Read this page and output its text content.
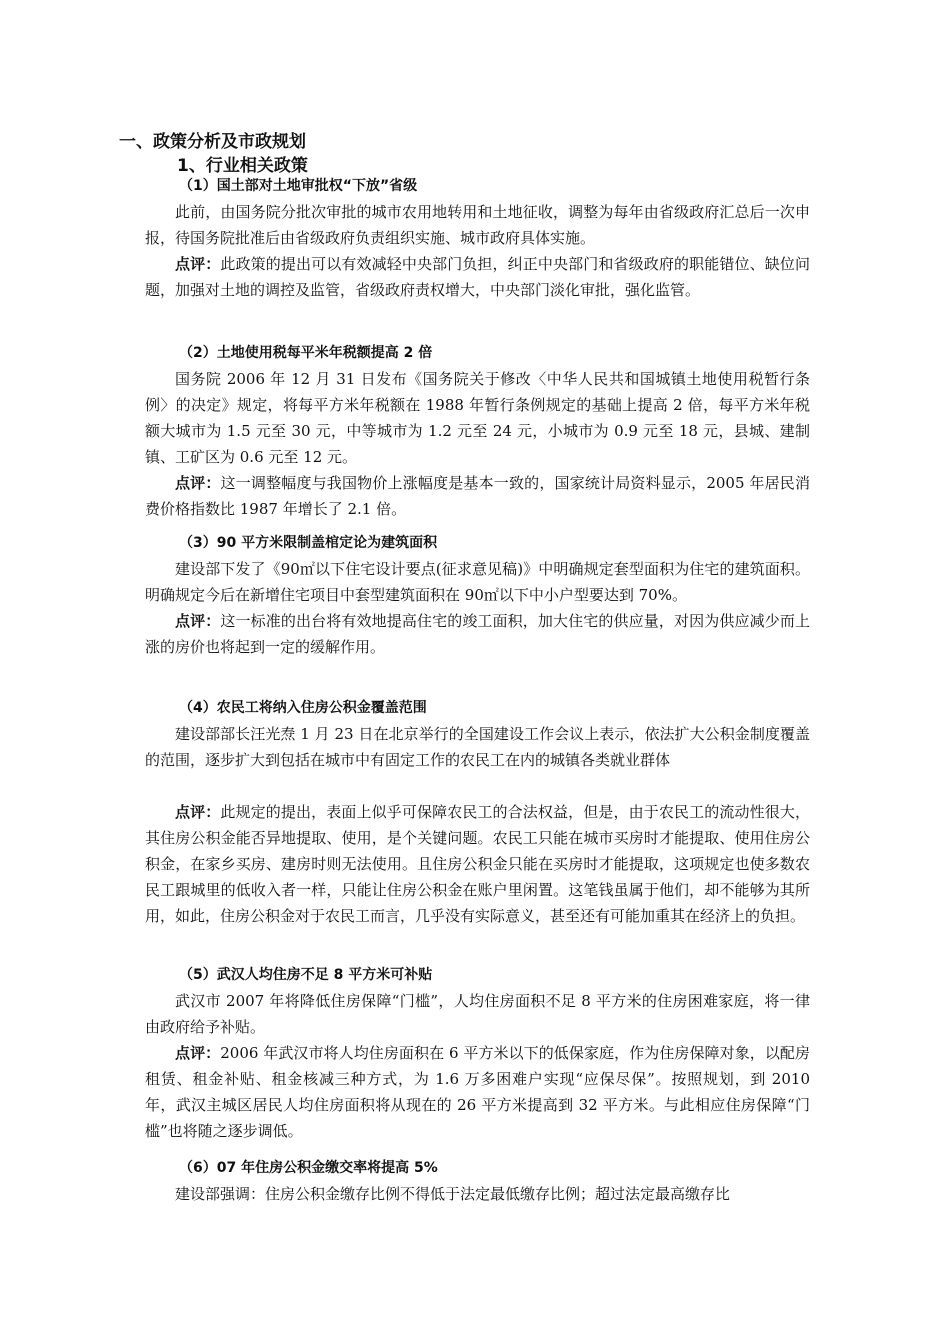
一、政策分析及市政规划
1、行业相关政策
（1）国土部对土地审批权“下放”省级

此前，由国务院分批次审批的城市农用地转用和土地征收，调整为每年由省级政府汇总后一次申报，待国务院批准后由省级政府负责组织实施、城市政府具体实施。

点评：此政策的提出可以有效减轻中央部门负担，纠正中央部门和省级政府的职能错位、缺位问题，加强对土地的调控及监管，省级政府责权增大，中央部门淡化审批，强化监管。

（2）土地使用税每平米年税额提高 2 倍

国务院 2006 年 12 月 31 日发布《国务院关于修改〈中华人民共和国城镇土地使用税暂行条例〉的决定》规定，将每平方米年税额在 1988 年暂行条例规定的基础上提高 2 倍，每平方米年税额大城市为 1.5 元至 30 元，中等城市为 1.2 元至 24 元，小城市为 0.9 元至 18 元，县城、建制镇、工矿区为 0.6 元至 12 元。

点评：这一调整幅度与我国物价上涨幅度是基本一致的，国家统计局资料显示，2005 年居民消费价格指数比 1987 年增长了 2.1 倍。

（3）90 平方米限制盖棺定论为建筑面积

建设部下发了《90㎡以下住宅设计要点(征求意见稿)》中明确规定套型面积为住宅的建筑面积。明确规定今后在新增住宅项目中套型建筑面积在 90㎡以下中小户型要达到 70%。

点评：这一标准的出台将有效地提高住宅的竣工面积，加大住宅的供应量，对因为供应减少而上涨的房价也将起到一定的缓解作用。

（4）农民工将纳入住房公积金覆盖范围

建设部部长汪光焘 1 月 23 日在北京举行的全国建设工作会议上表示，依法扩大公积金制度覆盖的范围，逐步扩大到包括在城市中有固定工作的农民工在内的城镇各类就业群体

点评：此规定的提出，表面上似乎可保障农民工的合法权益，但是，由于农民工的流动性很大，其住房公积金能否异地提取、使用，是个关键问题。农民工只能在城市买房时才能提取、使用住房公积金，在家乡买房、建房时则无法使用。且住房公积金只能在买房时才能提取，这项规定也使多数农民工跟城里的低收入者一样，只能让住房公积金在账户里闲置。这笔钱虽属于他们，却不能够为其所用，如此，住房公积金对于农民工而言，几乎没有实际意义，甚至还有可能加重其在经济上的负担。

（5）武汉人均住房不足 8 平方米可补贴

武汉市 2007 年将降低住房保障“门槛”，人均住房面积不足 8 平方米的住房困难家庭，将一律由政府给予补贴。

点评：2006 年武汉市将人均住房面积在 6 平方米以下的低保家庭，作为住房保障对象，以配房租赁、租金补贴、租金核减三种方式，为 1.6 万多困难户实现“应保尽保”。按照规划，到 2010 年，武汉主城区居民人均住房面积将从现在的 26 平方米提高到 32 平方米。与此相应住房保障“门槛”也将随之逐步调低。

（6）07 年住房公积金缴交率将提高 5%

建设部强调：住房公积金缴存比例不得低于法定最低缴存比例；超过法定最高缴存比
